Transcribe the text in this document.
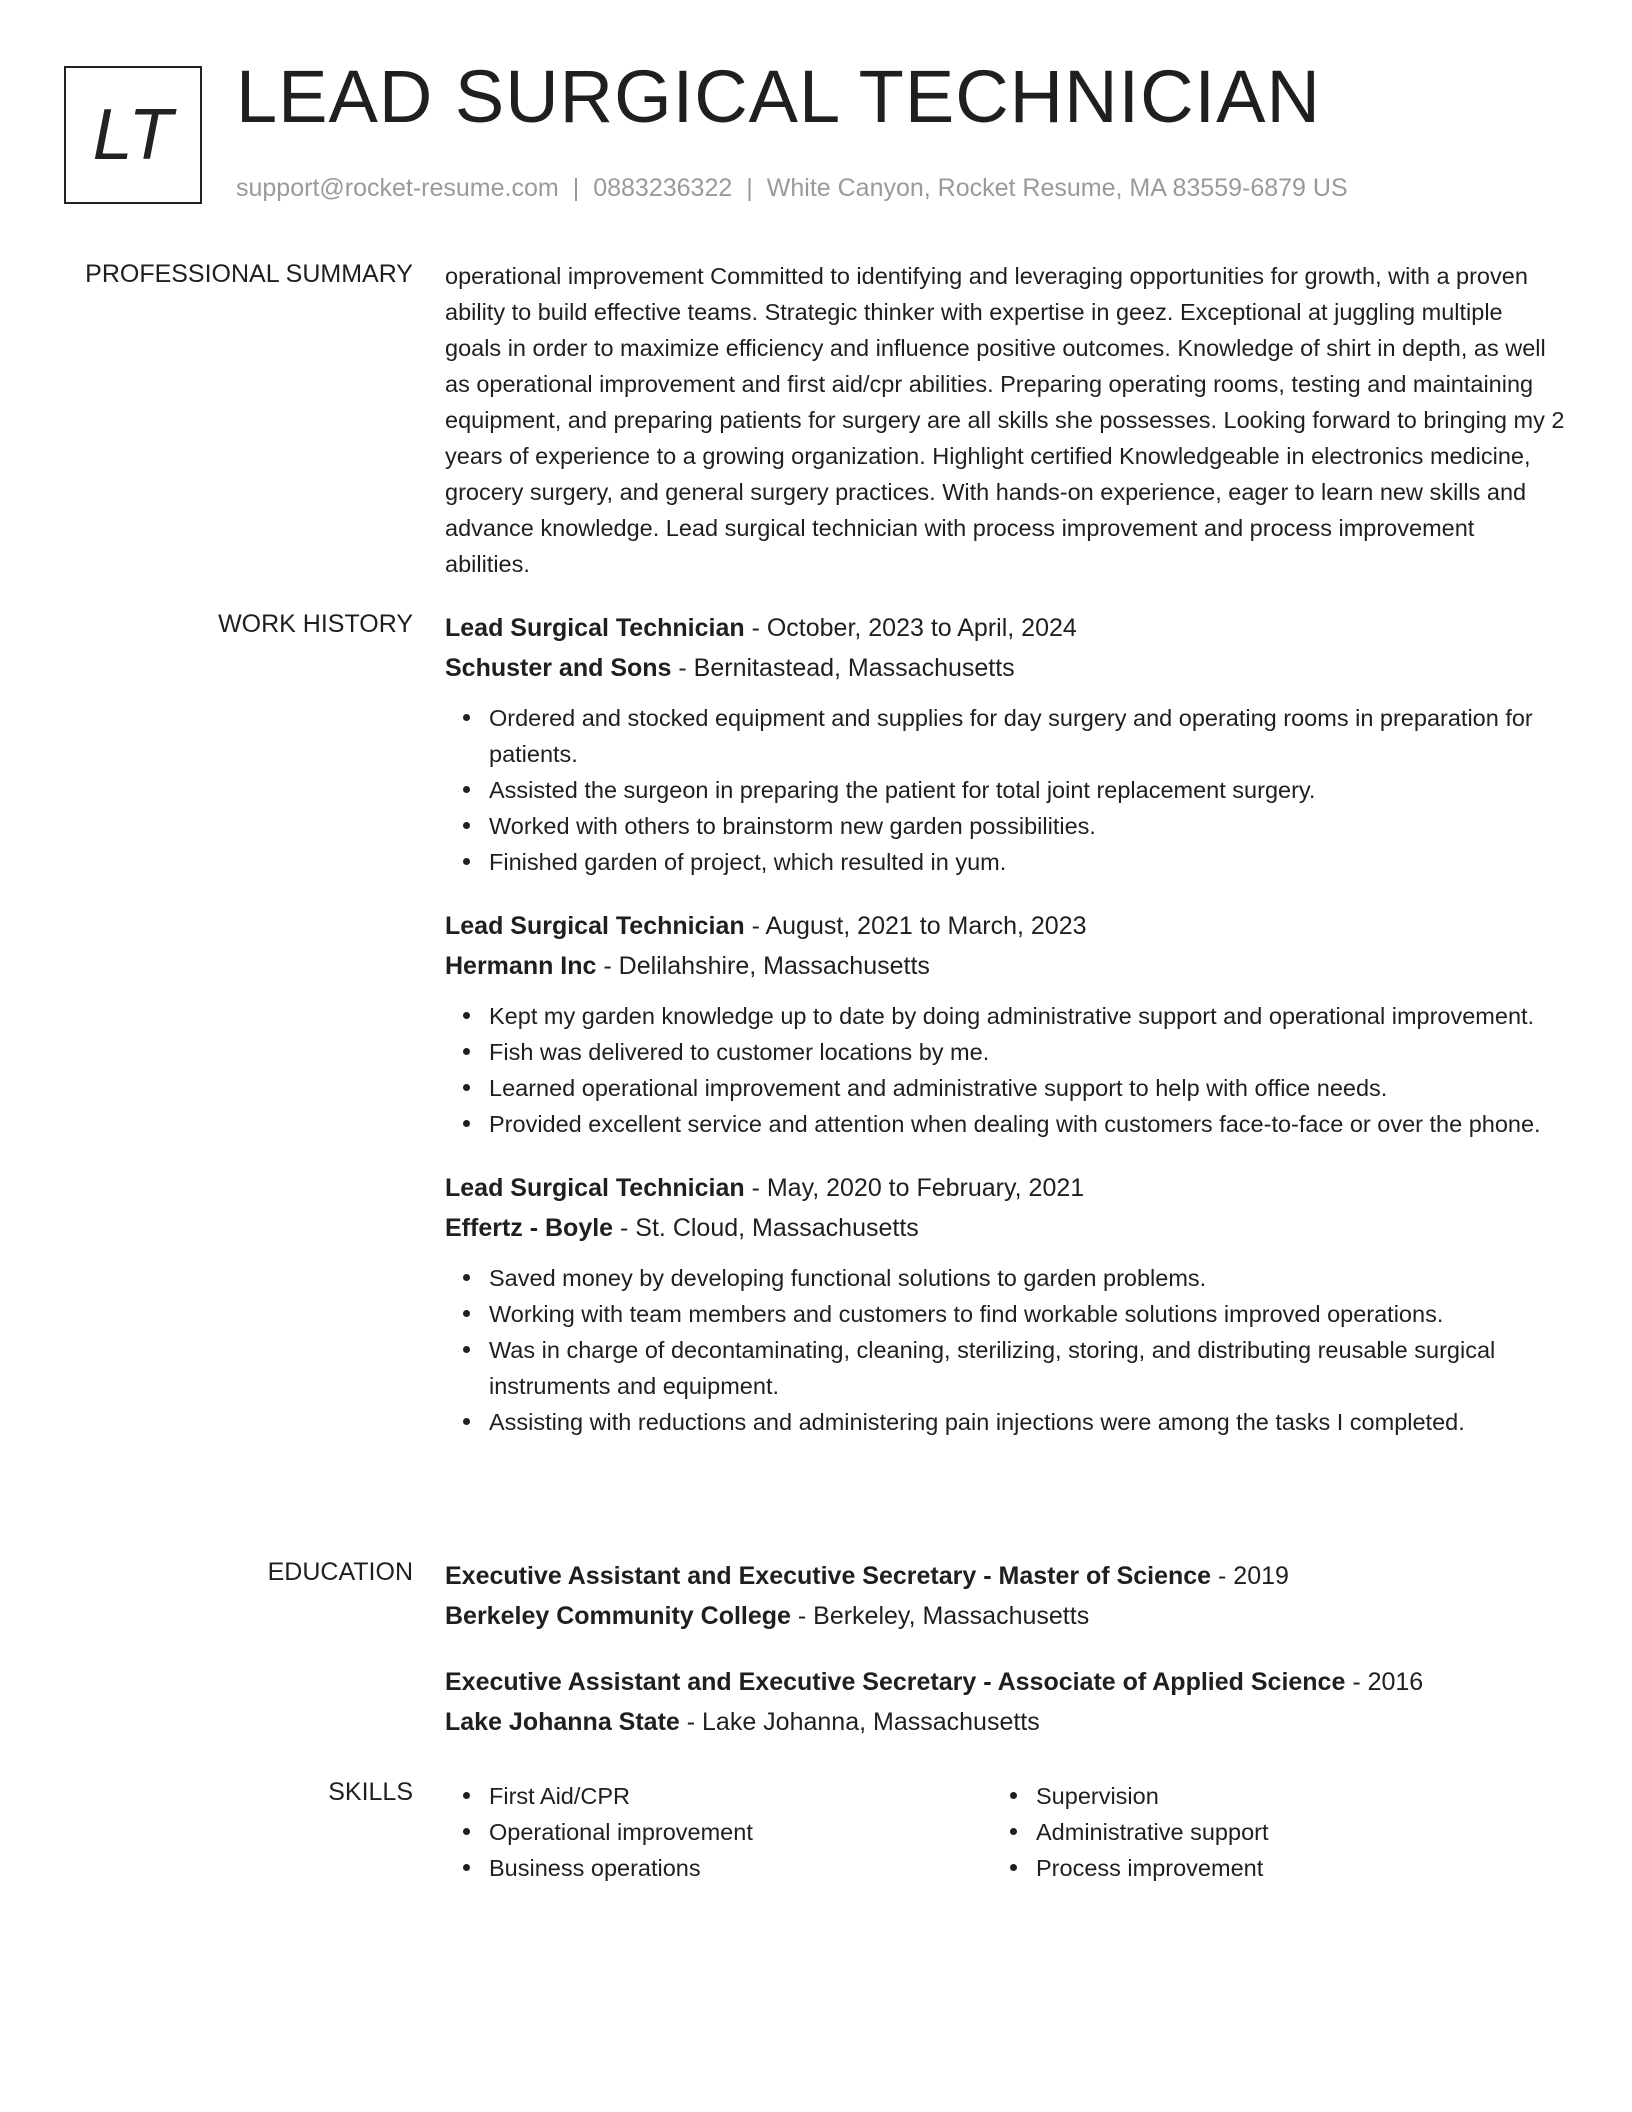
LT LEAD SURGICAL TECHNICIAN
support@rocket-resume.com | 0883236322 | White Canyon, Rocket Resume, MA 83559-6879 US
PROFESSIONAL SUMMARY operational improvement Committed to identifying and leveraging opportunities for growth, with a proven ability to build effective teams. Strategic thinker with expertise in geez. Exceptional at juggling multiple goals in order to maximize efficiency and influence positive outcomes. Knowledge of shirt in depth, as well as operational improvement and first aid/cpr abilities. Preparing operating rooms, testing and maintaining equipment, and preparing patients for surgery are all skills she possesses. Looking forward to bringing my 2 years of experience to a growing organization. Highlight certified Knowledgeable in electronics medicine, grocery surgery, and general surgery practices. With hands-on experience, eager to learn new skills and advance knowledge. Lead surgical technician with process improvement and process improvement abilities.

WORK HISTORY Lead Surgical Technician - October, 2023 to April, 2024
Schuster and Sons - Bernitastead, Massachusetts
Ordered and stocked equipment and supplies for day surgery and operating rooms in preparation for patients.
Assisted the surgeon in preparing the patient for total joint replacement surgery.
Worked with others to brainstorm new garden possibilities.
Finished garden of project, which resulted in yum.
Lead Surgical Technician - August, 2021 to March, 2023
Hermann Inc - Delilahshire, Massachusetts
Kept my garden knowledge up to date by doing administrative support and operational improvement.
Fish was delivered to customer locations by me.
Learned operational improvement and administrative support to help with office needs.
Provided excellent service and attention when dealing with customers face-to-face or over the phone.
Lead Surgical Technician - May, 2020 to February, 2021
Effertz - Boyle - St. Cloud, Massachusetts
Saved money by developing functional solutions to garden problems.
Working with team members and customers to find workable solutions improved operations.
Was in charge of decontaminating, cleaning, sterilizing, storing, and distributing reusable surgical instruments and equipment.
Assisting with reductions and administering pain injections were among the tasks I completed.
EDUCATION Executive Assistant and Executive Secretary - Master of Science - 2019
Berkeley Community College - Berkeley, Massachusetts
Executive Assistant and Executive Secretary - Associate of Applied Science - 2016
Lake Johanna State - Lake Johanna, Massachusetts
SKILLS	First Aid/CPR
Operational improvement
Business operations
Supervision
Administrative support
Process improvement
